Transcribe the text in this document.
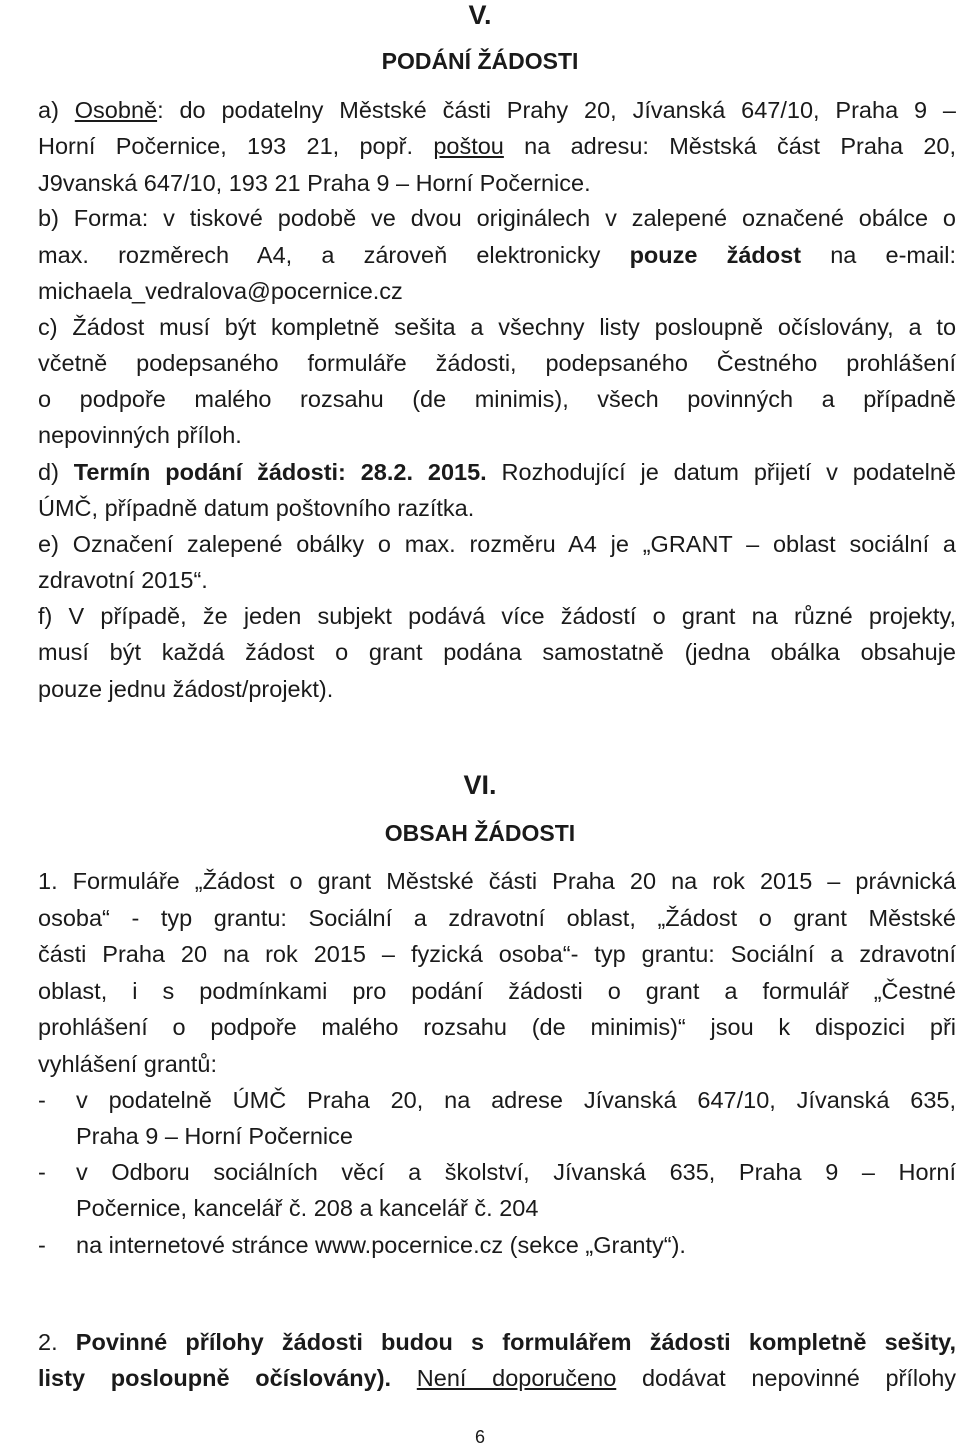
V.
PODÁNÍ ŽÁDOSTI
a) Osobně: do podatelny Městské části Prahy 20, Jívanská 647/10, Praha 9 –
Horní Počernice, 193 21, popř. poštou na adresu: Městská část Praha 20,
J9vanská 647/10, 193 21 Praha 9 – Horní Počernice.
b) Forma: v tiskové podobě ve dvou originálech v zalepené označené obálce o
max. rozměrech A4, a zároveň elektronicky pouze žádost na e-mail:
michaela_vedralova@pocernice.cz
c) Žádost musí být kompletně sešita a všechny listy posloupně očíslovány, a to
včetně podepsaného formuláře žádosti, podepsaného Čestného prohlášení
o podpoře malého rozsahu (de minimis), všech povinných a případně
nepovinných příloh.
d) Termín podání žádosti: 28.2. 2015. Rozhodující je datum přijetí v podatelně
ÚMČ, případně datum poštovního razítka.
e) Označení zalepené obálky o max. rozměru A4 je „GRANT – oblast sociální a
zdravotní 2015“.
f) V případě, že jeden subjekt podává více žádostí o grant na různé projekty,
musí být každá žádost o grant podána samostatně (jedna obálka obsahuje
pouze jednu žádost/projekt).
VI.
OBSAH ŽÁDOSTI
1. Formuláře „Žádost o grant Městské části Praha 20 na rok 2015 – právnická
osoba“ - typ grantu: Sociální a zdravotní oblast, „Žádost o grant Městské
části Praha 20 na rok 2015 – fyzická osoba“- typ grantu: Sociální a zdravotní
oblast, i s podmínkami pro podání žádosti o grant a formulář „Čestné
prohlášení o podpoře malého rozsahu (de minimis)“ jsou k dispozici při
vyhlášení grantů:
-	v podatelně ÚMČ Praha 20, na adrese Jívanská 647/10, Jívanská 635,
Praha 9 – Horní Počernice
-	v Odboru sociálních věcí a školství, Jívanská 635, Praha 9 – Horní
Počernice, kancelář č. 208 a kancelář č. 204
-	na internetové stránce www.pocernice.cz (sekce „Granty“).
2. Povinné přílohy žádosti budou s formulářem žádosti kompletně sešity,
listy posloupně očíslovány). Není doporučeno dodávat nepovinné přílohy
6
